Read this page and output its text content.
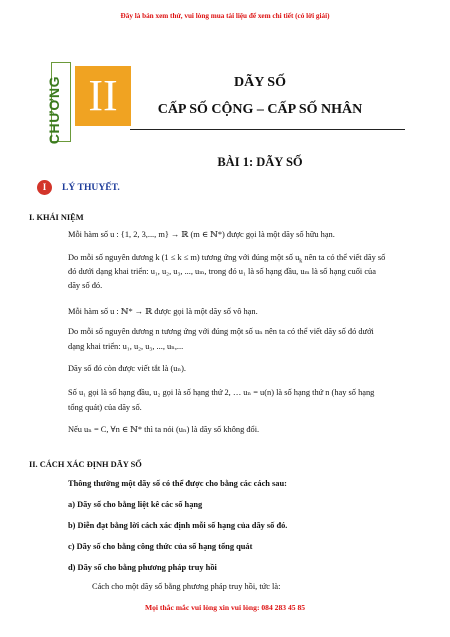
Đây là bản xem thử, vui lòng mua tài liệu để xem chi tiết (có lời giải)
CHƯƠNG II	DÃY SỐ
CẤP SỐ CỘNG – CẤP SỐ NHÂN
BÀI 1: DÃY SỐ
I	LÝ THUYẾT.
I. KHÁI NIỆM
Mỗi hàm số u : {1, 2, 3,..., m} → ℝ (m ∈ ℕ*) được gọi là một dãy số hữu hạn.
Do mỗi số nguyên dương k (1 ≤ k ≤ m) tương ứng với đúng một số $u_k$ nên ta có thể viết dãy số
đó dưới dạng khai triển: u₁, u₂, u₃, ..., uₘ, trong đó u₁ là số hạng đầu, uₘ là số hạng cuối của
dãy số đó.
Mỗi hàm số u : ℕ* → ℝ được gọi là một dãy số vô hạn.
Do mỗi số nguyên dương n tương ứng với đúng một số uₙ nên ta có thể viết dãy số đó dưới
dạng khai triển: u₁, u₂, u₃, ..., uₙ,...
Dãy số đó còn được viết tắt là (uₙ).
Số u₁ gọi là số hạng đầu, u₂ gọi là số hạng thứ 2, … uₙ = u(n) là số hạng thứ n (hay số hạng
tổng quát) của dãy số.
Nếu uₙ = C, ∀n ∈ ℕ* thì ta nói (uₙ) là dãy số không đổi.
II. CÁCH XÁC ĐỊNH DÃY SỐ
Thông thường một dãy số có thể được cho bằng các cách sau:
a) Dãy số cho bằng liệt kê các số hạng
b) Diễn đạt bằng lời cách xác định mỗi số hạng của dãy số đó.
c) Dãy số cho bằng công thức của số hạng tổng quát
d) Dãy số cho bằng phương pháp truy hồi
Cách cho một dãy số bằng phương pháp truy hồi, tức là:
Mọi thắc mắc vui lòng xin vui lòng: 084 283 45 85
